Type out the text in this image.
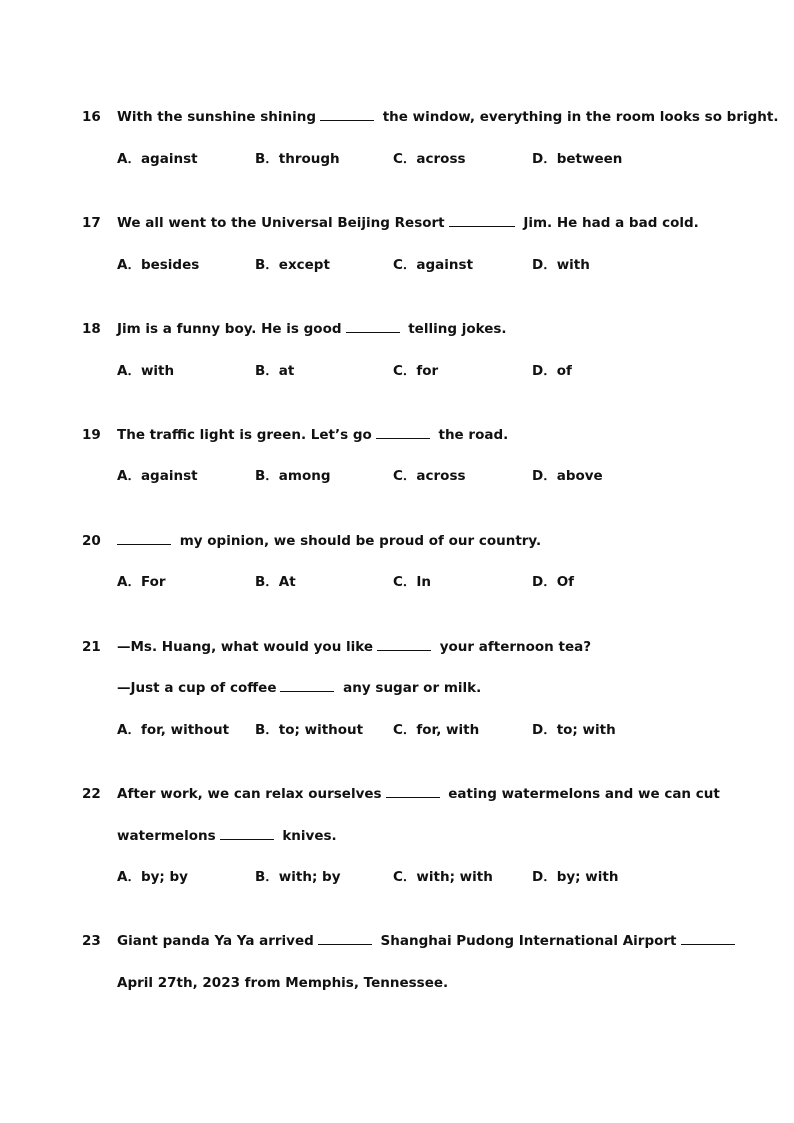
16 With the sunshine shining	the window, everything in the room looks so bright.
A．against	B．through	C．across	D．between
17 We all went to the Universal Beijing Resort	Jim. He had a bad cold.
A．besides	B．except	C．against	D．with
18 Jim is a funny boy. He is good	telling jokes.
A．with	B．at	C．for	D．of
19 The traffic light is green. Let’s go	the road.
A．against	B．among	C．across	D．above
20	my opinion, we should be proud of our country.
A．For	B．At	C．In	D．Of
21 —Ms. Huang, what would you like	your afternoon tea?
—Just a cup of coffee	any sugar or milk.
A．for, without B．to; without C．for, with	D．to; with
22 After work, we can relax ourselves	eating watermelons and we can cut
watermelons	knives.
A．by; by	B．with; by	C．with; with	D．by; with
23 Giant panda Ya Ya arrived	Shanghai Pudong International Airport
April 27th, 2023 from Memphis, Tennessee.
